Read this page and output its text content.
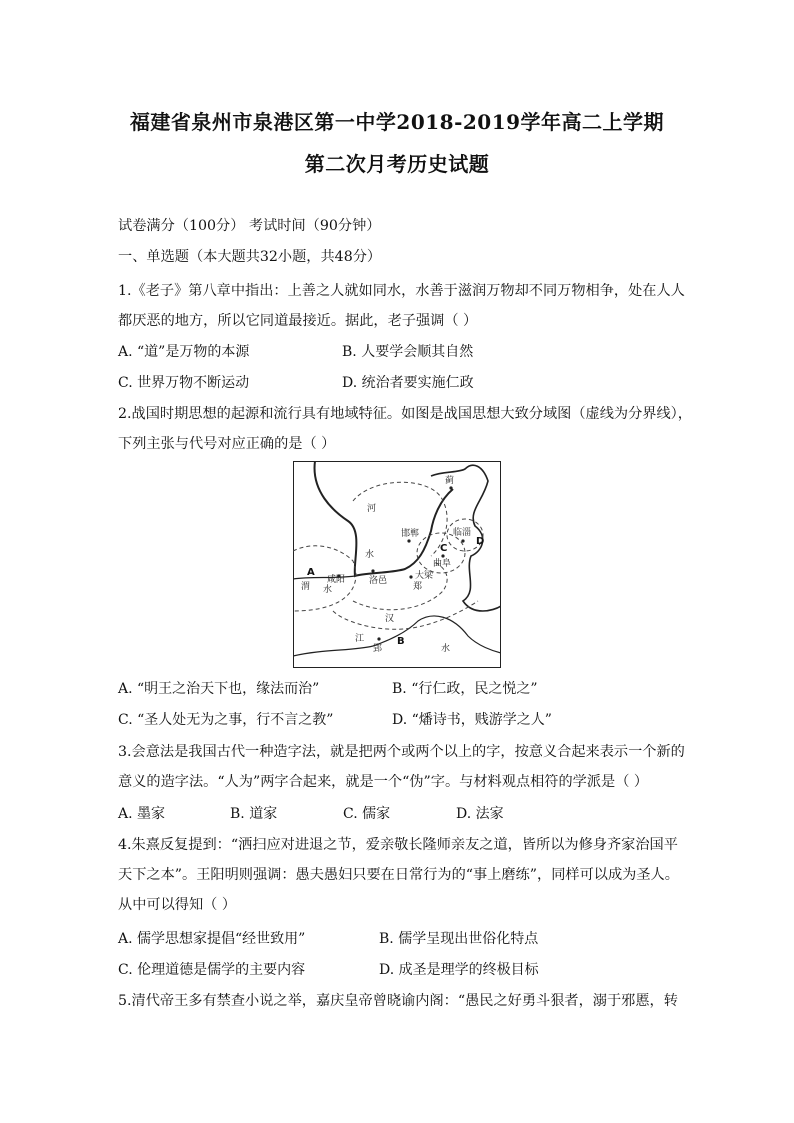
福建省泉州市泉港区第一中学2018-2019学年高二上学期
第二次月考历史试题
试卷满分（100分） 考试时间（90分钟）
一、单选题（本大题共32小题，共48分）
1.《老子》第八章中指出：上善之人就如同水，水善于滋润万物却不同万物相争，处在人人
都厌恶的地方，所以它同道最接近。据此，老子强调（ ）
A. “道”是万物的本源	B. 人要学会顺其自然
C. 世界万物不断运动	D. 统治者要实施仁政
2.战国时期思想的起源和流行具有地域特征。如图是战国思想大致分域图（虚线为分界线），
下列主张与代号对应正确的是（ ）
A
B
C
D
蓟
邯郸	临淄
曲阜
咸阳	洛邑	大梁
郑
郢
河
水
渭 水
江
汉
水
A. “明王之治天下也，缘法而治”	B. “行仁政，民之悦之”
C. “圣人处无为之事，行不言之教”	D. “燔诗书，贱游学之人”
3.会意法是我国古代一种造字法，就是把两个或两个以上的字，按意义合起来表示一个新的
意义的造字法。“人为”两字合起来，就是一个“伪”字。与材料观点相符的学派是（ ）
A. 墨家	B. 道家	C. 儒家	D. 法家
4.朱熹反复提到：“洒扫应对进退之节，爱亲敬长隆师亲友之道，皆所以为修身齐家治国平
天下之本”。王阳明则强调：愚夫愚妇只要在日常行为的“事上磨练”，同样可以成为圣人。
从中可以得知（ ）
A. 儒学思想家提倡“经世致用”	B. 儒学呈现出世俗化特点
C. 伦理道德是儒学的主要内容	D. 成圣是理学的终极目标
5.清代帝王多有禁查小说之举，嘉庆皇帝曾晓谕内阁：“愚民之好勇斗狠者，溺于邪慝，转
